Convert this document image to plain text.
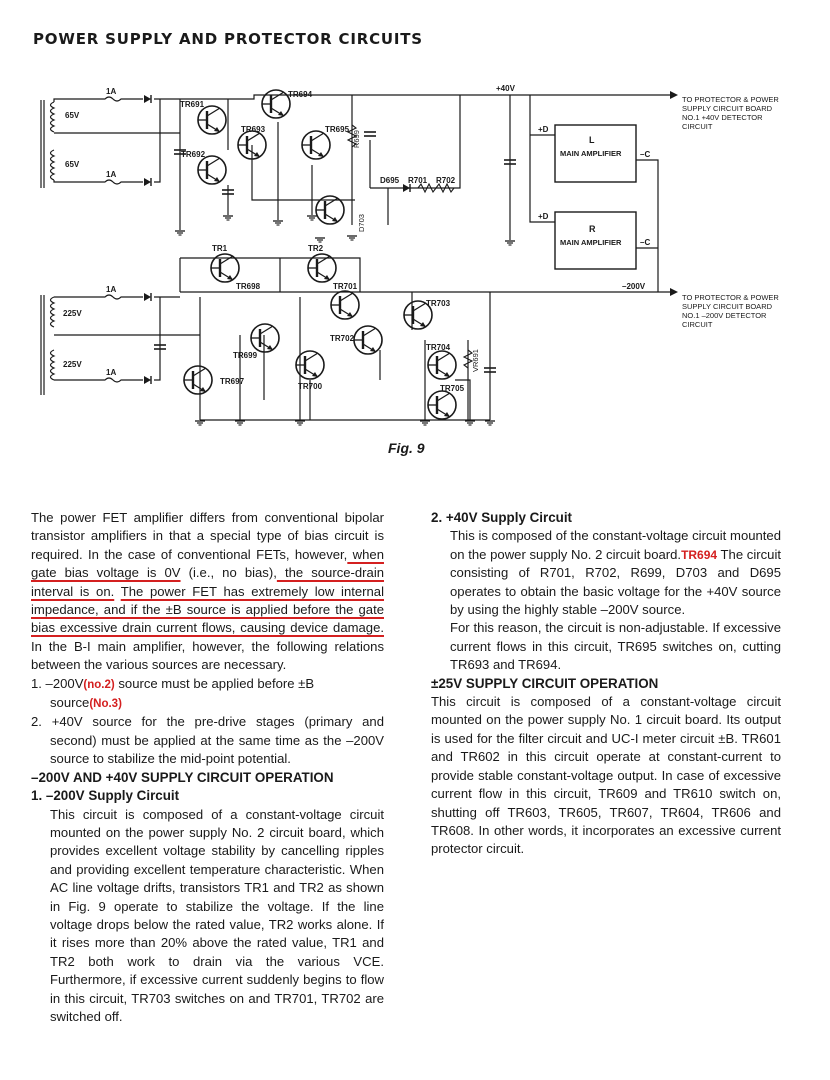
POWER SUPPLY AND PROTECTOR CIRCUITS
1A
1A
1A
1A
65V
65V
225V
225V
TR691
TR692
TR693
TR694
TR695
D695 R701 R702
+40V
–200V
+D
+D
–C
–C
TR1	TR2
TR698
TR699
TR697
TR701
TR702
TR700
TR703
TR704
TR705
L
MAIN AMPLIFIER
R
MAIN AMPLIFIER
R699
D703
VR691
TO PROTECTOR & POWER
SUPPLY CIRCUIT BOARD
NO.1 +40V DETECTOR
CIRCUIT
TO PROTECTOR & POWER
SUPPLY CIRCUIT BOARD
NO.1 –200V DETECTOR
CIRCUIT
Fig. 9

The power FET amplifier differs from conventional bipolar transistor amplifiers in that a special type of bias circuit is required. In the case of conventional FETs, however, when gate bias voltage is 0V (i.e., no bias), the source-drain interval is on. The power FET has extremely low internal impedance, and if the ±B source is applied before the gate bias excessive drain current flows, causing device damage. In the B-I main amplifier, however, the following relations between the various sources are necessary.

1. –200V(no.2) source must be applied before ±B source(No.3)

2. +40V source for the pre-drive stages (primary and second) must be applied at the same time as the –200V source to stabilize the mid-point potential.

–200V AND +40V SUPPLY CIRCUIT OPERATION

1. –200V Supply Circuit

This circuit is composed of a constant-voltage circuit mounted on the power supply No. 2 circuit board, which provides excellent voltage stability by cancelling ripples and providing excellent temperature characteristic. When AC line voltage drifts, transistors TR1 and TR2 as shown in Fig. 9 operate to stabilize the voltage. If the line voltage drops below the rated value, TR2 works alone. If it rises more than 20% above the rated value, TR1 and TR2 both work to drain via the various VCE. Furthermore, if excessive current suddenly begins to flow in this circuit, TR703 switches on and TR701, TR702 are switched off.

2. +40V Supply Circuit

This is composed of the constant-voltage circuit mounted on the power supply No. 2 circuit board.TR694 The circuit consisting of R701, R702, R699, D703 and D695 operates to obtain the basic voltage for the +40V source by using the highly stable –200V source.

For this reason, the circuit is non-adjustable. If excessive current flows in this circuit, TR695 switches on, cutting TR693 and TR694.

±25V SUPPLY CIRCUIT OPERATION

This circuit is composed of a constant-voltage circuit mounted on the power supply No. 1 circuit board. Its output is used for the filter circuit and UC-I meter circuit ±B. TR601 and TR602 in this circuit operate at constant-current to provide stable constant-voltage output. In case of excessive current flow in this circuit, TR609 and TR610 switch on, shutting off TR603, TR605, TR607, TR604, TR606 and TR608. In other words, it incorporates an excessive current protector circuit.
